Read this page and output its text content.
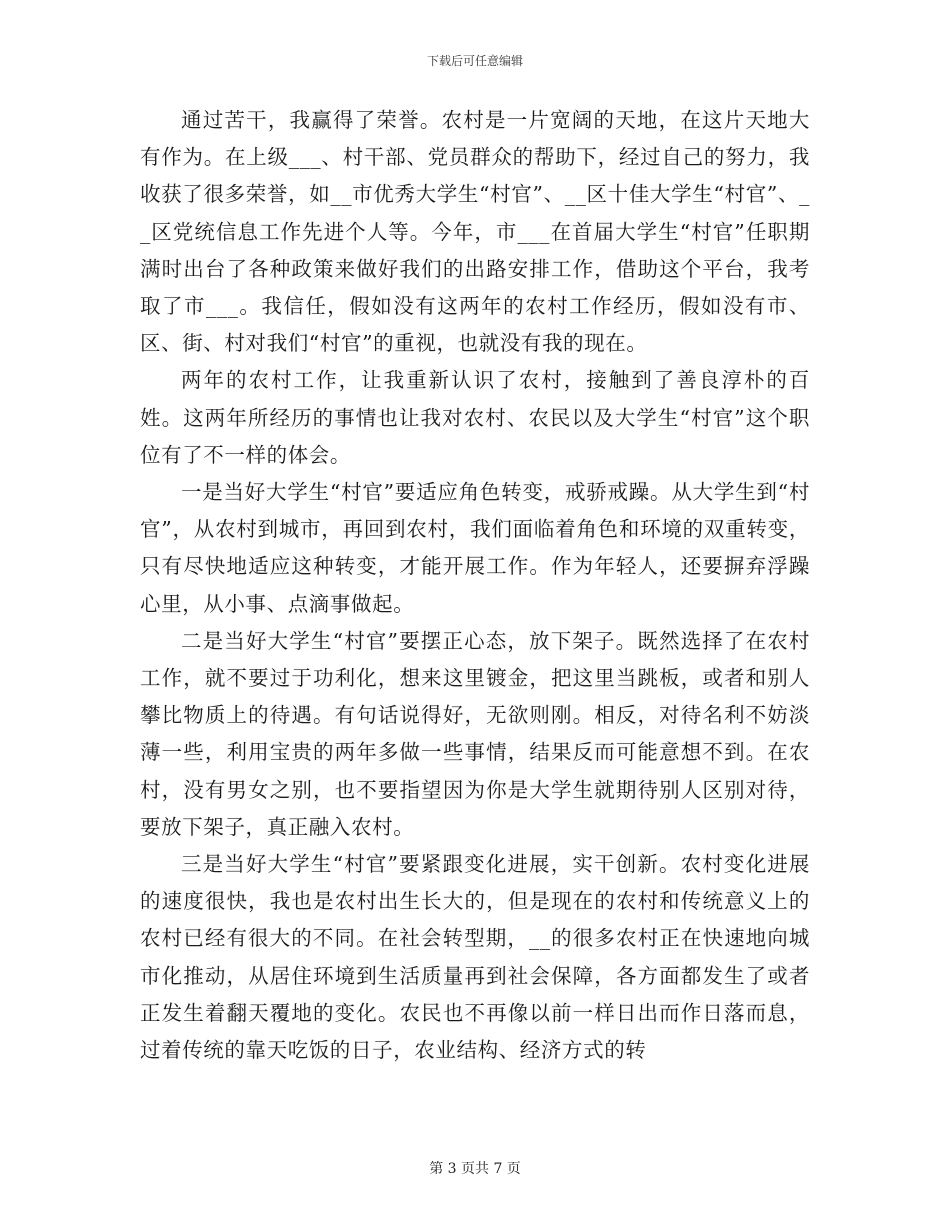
下载后可任意编辑

通过苦干，我赢得了荣誉。农村是一片宽阔的天地，在这片天地大有作为。在上级___、村干部、党员群众的帮助下，经过自己的努力，我收获了很多荣誉，如__市优秀大学生“村官”、__区十佳大学生“村官”、__区党统信息工作先进个人等。今年，市___在首届大学生“村官”任职期满时出台了各种政策来做好我们的出路安排工作，借助这个平台，我考取了市___。我信任，假如没有这两年的农村工作经历，假如没有市、区、街、村对我们“村官”的重视，也就没有我的现在。

两年的农村工作，让我重新认识了农村，接触到了善良淳朴的百姓。这两年所经历的事情也让我对农村、农民以及大学生“村官”这个职位有了不一样的体会。

一是当好大学生“村官”要适应角色转变，戒骄戒躁。从大学生到“村官”，从农村到城市，再回到农村，我们面临着角色和环境的双重转变，只有尽快地适应这种转变，才能开展工作。作为年轻人，还要摒弃浮躁心里，从小事、点滴事做起。

二是当好大学生“村官”要摆正心态，放下架子。既然选择了在农村工作，就不要过于功利化，想来这里镀金，把这里当跳板，或者和别人攀比物质上的待遇。有句话说得好，无欲则刚。相反，对待名利不妨淡薄一些，利用宝贵的两年多做一些事情，结果反而可能意想不到。在农村，没有男女之别，也不要指望因为你是大学生就期待别人区别对待，要放下架子，真正融入农村。

三是当好大学生“村官”要紧跟变化进展，实干创新。农村变化进展的速度很快，我也是农村出生长大的，但是现在的农村和传统意义上的农村已经有很大的不同。在社会转型期，__的很多农村正在快速地向城市化推动，从居住环境到生活质量再到社会保障，各方面都发生了或者正发生着翻天覆地的变化。农民也不再像以前一样日出而作日落而息，过着传统的靠天吃饭的日子，农业结构、经济方式的转

第 3 页共 7 页
